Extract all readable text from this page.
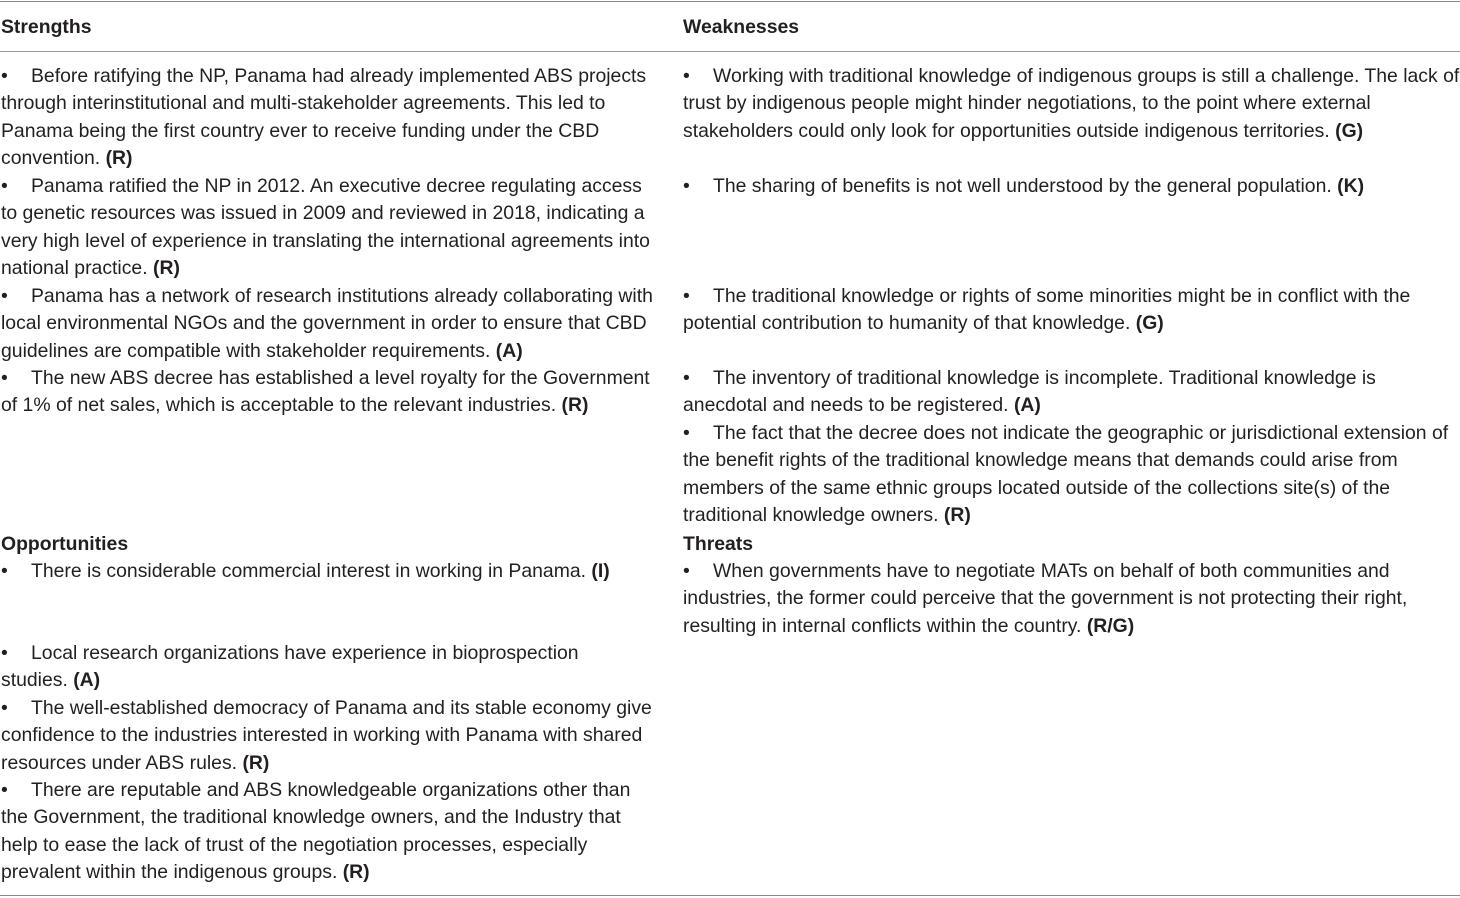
Strengths	Weaknesses

• Before ratifying the NP, Panama had already implemented ABS projects through interinstitutional and multi-stakeholder agreements. This led to Panama being the first country ever to receive funding under the CBD convention. (R)

• Panama ratified the NP in 2012. An executive decree regulating access to genetic resources was issued in 2009 and reviewed in 2018, indicating a very high level of experience in translating the international agreements into national practice. (R)

• Panama has a network of research institutions already collaborating with local environmental NGOs and the government in order to ensure that CBD guidelines are compatible with stakeholder requirements. (A)

• The new ABS decree has established a level royalty for the Government of 1% of net sales, which is acceptable to the relevant industries. (R)

Opportunities

• There is considerable commercial interest in working in Panama. (I)

• Local research organizations have experience in bioprospection studies. (A)

• The well-established democracy of Panama and its stable economy give confidence to the industries interested in working with Panama with shared resources under ABS rules. (R)

• There are reputable and ABS knowledgeable organizations other than the Government, the traditional knowledge owners, and the Industry that help to ease the lack of trust of the negotiation processes, especially prevalent within the indigenous groups. (R)

• Working with traditional knowledge of indigenous groups is still a challenge. The lack of trust by indigenous people might hinder negotiations, to the point where external stakeholders could only look for opportunities outside indigenous territories. (G)

• The sharing of benefits is not well understood by the general population. (K)

• The traditional knowledge or rights of some minorities might be in conflict with the potential contribution to humanity of that knowledge. (G)

• The inventory of traditional knowledge is incomplete. Traditional knowledge is anecdotal and needs to be registered. (A)

• The fact that the decree does not indicate the geographic or jurisdictional extension of the benefit rights of the traditional knowledge means that demands could arise from members of the same ethnic groups located outside of the collections site(s) of the traditional knowledge owners. (R)

Threats

• When governments have to negotiate MATs on behalf of both communities and industries, the former could perceive that the government is not protecting their right, resulting in internal conflicts within the country. (R/G)
